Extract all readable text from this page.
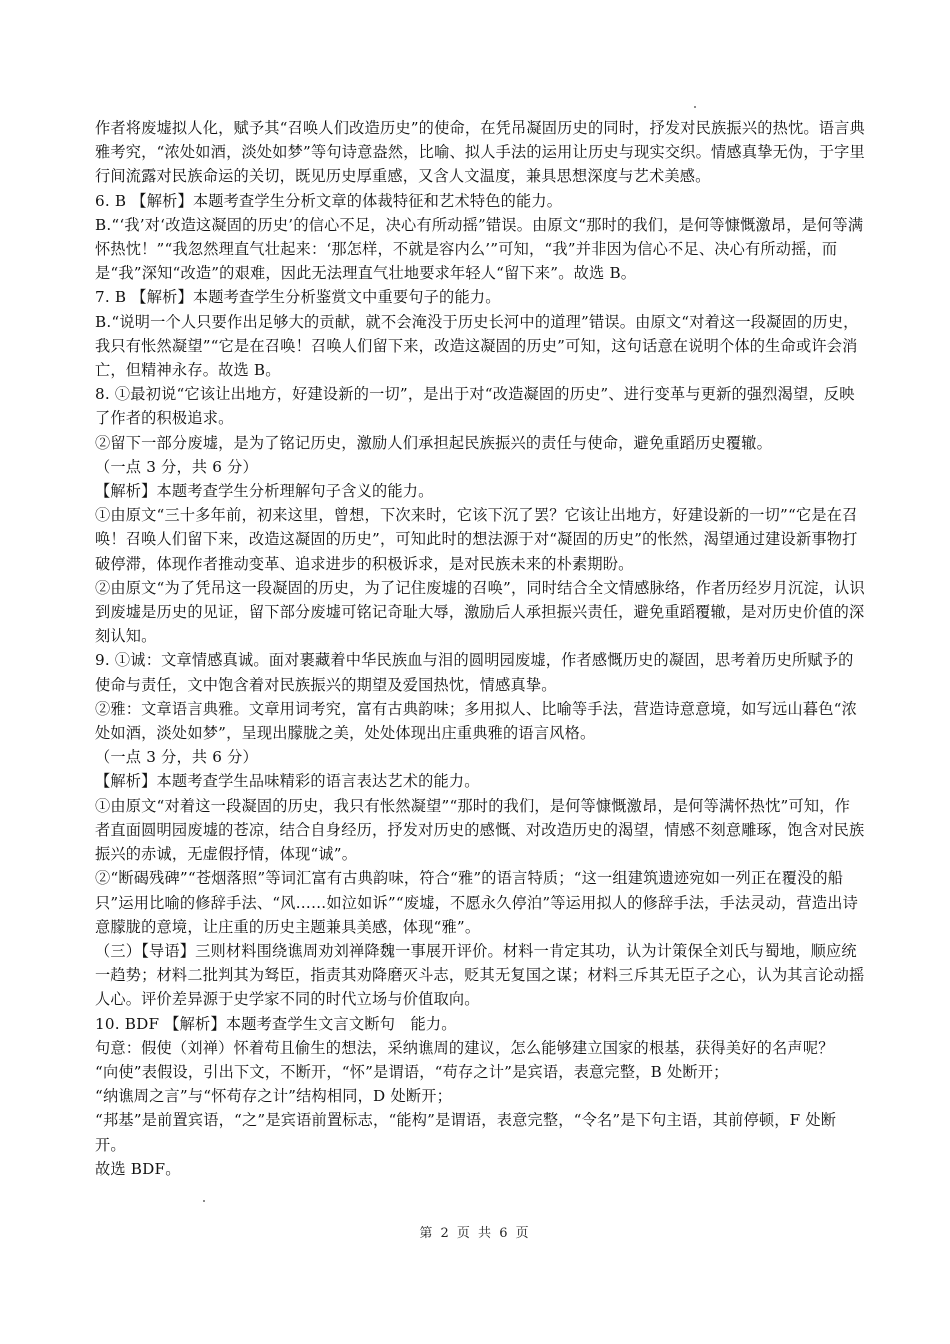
作者将废墟拟人化，赋予其“召唤人们改造历史”的使命，在凭吊凝固历史的同时，抒发对民族振兴的热忱。语言典雅考究，“浓处如酒，淡处如梦”等句诗意盎然，比喻、拟人手法的运用让历史与现实交织。情感真挚无伪，于字里行间流露对民族命运的关切，既见历史厚重感，又含人文温度，兼具思想深度与艺术美感。

6. B 【解析】本题考查学生分析文章的体裁特征和艺术特色的能力。

B.“‘我’对‘改造这凝固的历史’的信心不足，决心有所动摇”错误。由原文“那时的我们，是何等慷慨激昂，是何等满怀热忱！”“我忽然理直气壮起来：‘那怎样，不就是容内么’”可知，“我”并非因为信心不足、决心有所动摇，而是“我”深知“改造”的艰难，因此无法理直气壮地要求年轻人“留下来”。故选 B。

7. B 【解析】本题考查学生分析鉴赏文中重要句子的能力。

B.“说明一个人只要作出足够大的贡献，就不会淹没于历史长河中的道理”错误。由原文“对着这一段凝固的历史，我只有怅然凝望”“它是在召唤！召唤人们留下来，改造这凝固的历史”可知，这句话意在说明个体的生命或许会消亡，但精神永存。故选 B。

8. ①最初说“它该让出地方，好建设新的一切”，是出于对“改造凝固的历史”、进行变革与更新的强烈渴望，反映了作者的积极追求。

②留下一部分废墟，是为了铭记历史，激励人们承担起民族振兴的责任与使命，避免重蹈历史覆辙。

（一点 3 分，共 6 分）

【解析】本题考查学生分析理解句子含义的能力。

①由原文“三十多年前，初来这里，曾想，下次来时，它该下沉了罢？它该让出地方，好建设新的一切”“它是在召唤！召唤人们留下来，改造这凝固的历史”，可知此时的想法源于对“凝固的历史”的怅然，渴望通过建设新事物打破停滞，体现作者推动变革、追求进步的积极诉求，是对民族未来的朴素期盼。

②由原文“为了凭吊这一段凝固的历史，为了记住废墟的召唤”，同时结合全文情感脉络，作者历经岁月沉淀，认识到废墟是历史的见证，留下部分废墟可铭记奇耻大辱，激励后人承担振兴责任，避免重蹈覆辙，是对历史价值的深刻认知。

9. ①诚：文章情感真诚。面对裹藏着中华民族血与泪的圆明园废墟，作者感慨历史的凝固，思考着历史所赋予的使命与责任，文中饱含着对民族振兴的期望及爱国热忱，情感真挚。

②雅：文章语言典雅。文章用词考究，富有古典韵味；多用拟人、比喻等手法，营造诗意意境，如写远山暮色“浓处如酒，淡处如梦”，呈现出朦胧之美，处处体现出庄重典雅的语言风格。

（一点 3 分，共 6 分）

【解析】本题考查学生品味精彩的语言表达艺术的能力。

①由原文“对着这一段凝固的历史，我只有怅然凝望”“那时的我们，是何等慷慨激昂，是何等满怀热忱”可知，作者直面圆明园废墟的苍凉，结合自身经历，抒发对历史的感慨、对改造历史的渴望，情感不刻意雕琢，饱含对民族振兴的赤诚，无虚假抒情，体现“诚”。

②“断碣残碑”“苍烟落照”等词汇富有古典韵味，符合“雅”的语言特质；“这一组建筑遗迹宛如一列正在覆没的船只”运用比喻的修辞手法、“风……如泣如诉”“废墟，不愿永久停泊”等运用拟人的修辞手法，手法灵动，营造出诗意朦胧的意境，让庄重的历史主题兼具美感，体现“雅”。

（三）【导语】三则材料围绕谯周劝刘禅降魏一事展开评价。材料一肯定其功，认为计策保全刘氏与蜀地，顺应统一趋势；材料二批判其为驽臣，指责其劝降磨灭斗志，贬其无复国之谋；材料三斥其无臣子之心，认为其言论动摇人心。评价差异源于史学家不同的时代立场与价值取向。

10. BDF 【解析】本题考查学生文言文断句　能力。

句意：假使（刘禅）怀着苟且偷生的想法，采纳谯周的建议，怎么能够建立国家的根基，获得美好的名声呢？

“向使”表假设，引出下文，不断开，“怀”是谓语，“苟存之计”是宾语，表意完整，B 处断开；

“纳谯周之言”与“怀苟存之计”结构相同，D 处断开；

“邦基”是前置宾语，“之”是宾语前置标志，“能构”是谓语，表意完整，“令名”是下句主语，其前停顿，F 处断开。

故选 BDF。

第 2 页 共 6 页
